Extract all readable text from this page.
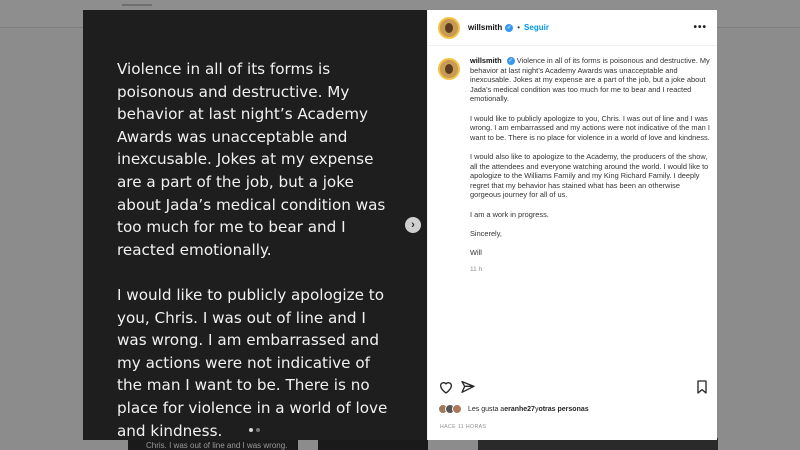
Chris. I was out of line and I was wrong.

Violence in all of its forms is poisonous and destructive. My behavior at last night’s Academy Awards was unacceptable and inexcusable. Jokes at my expense are a part of the job, but a joke about Jada’s medical condition was too much for me to bear and I reacted emotionally.

I would like to publicly apologize to you, Chris. I was out of line and I was wrong. I am embarrassed and my actions were not indicative of the man I want to be. There is no place for violence in a world of love and kindness.

›
willsmith ✓ • Seguir	•••

willsmith ✓ Violence in all of its forms is poisonous and destructive. My behavior at last night’s Academy Awards was unacceptable and inexcusable. Jokes at my expense are a part of the job, but a joke about Jada’s medical condition was too much for me to bear and I reacted emotionally.

I would like to publicly apologize to you, Chris. I was out of line and I was wrong. I am embarrassed and my actions were not indicative of the man I want to be. There is no place for violence in a world of love and kindness.

I would also like to apologize to the Academy, the producers of the show, all the attendees and everyone watching around the world. I would like to apologize to the Williams Family and my King Richard Family. I deeply regret that my behavior has stained what has been an otherwise gorgeous journey for all of us.

I am a work in progress.

Sincerely,

Will

11 h
Les gusta a eranhe27 y otras personas
HACE 11 HORAS
